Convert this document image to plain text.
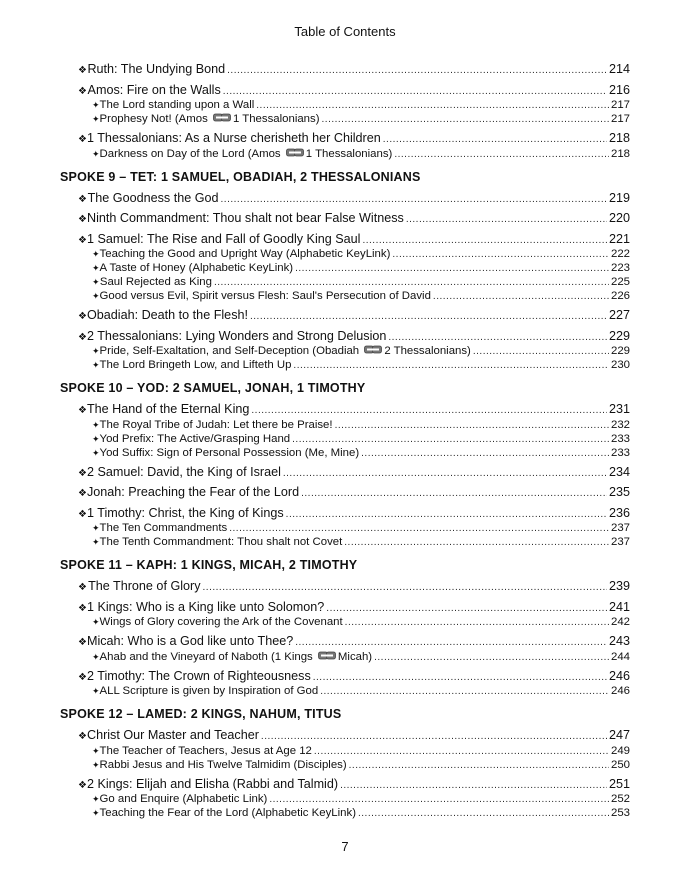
Table of Contents
❖ Ruth: The Undying Bond .....	214
❖ Amos: Fire on the Walls .....	216
✦ The Lord standing upon a Wall .....	217
✦ Prophesy Not! (Amos 1 Thessalonians) .....	217
❖ 1 Thessalonians: As a Nurse cherisheth her Children .....	218
✦ Darkness on Day of the Lord (Amos 1 Thessalonians) .....	218
SPOKE 9 – TET: 1 SAMUEL, OBADIAH, 2 THESSALONIANS
❖ The Goodness the God .....	219
❖ Ninth Commandment: Thou shalt not bear False Witness .....	220
❖ 1 Samuel: The Rise and Fall of Goodly King Saul .....	221
✦ Teaching the Good and Upright Way (Alphabetic KeyLink) .....	222
✦ A Taste of Honey (Alphabetic KeyLink) .....	223
✦ Saul Rejected as King .....	225
✦ Good versus Evil, Spirit versus Flesh: Saul's Persecution of David .....	226
❖ Obadiah: Death to the Flesh! .....	227
❖ 2 Thessalonians: Lying Wonders and Strong Delusion .....	229
✦ Pride, Self-Exaltation, and Self-Deception (Obadiah 2 Thessalonians) .....	229
✦ The Lord Bringeth Low, and Lifteth Up .....	230
SPOKE 10 – YOD: 2 SAMUEL, JONAH, 1 TIMOTHY
❖ The Hand of the Eternal King .....	231
✦ The Royal Tribe of Judah: Let there be Praise! .....	232
✦ Yod Prefix: The Active/Grasping Hand .....	233
✦ Yod Suffix: Sign of Personal Possession (Me, Mine) .....	233
❖ 2 Samuel: David, the King of Israel .....	234
❖ Jonah: Preaching the Fear of the Lord .....	235
❖ 1 Timothy: Christ, the King of Kings .....	236
✦ The Ten Commandments .....	237
✦ The Tenth Commandment: Thou shalt not Covet .....	237
SPOKE 11 – KAPH: 1 KINGS, MICAH, 2 TIMOTHY
❖ The Throne of Glory .....	239
❖ 1 Kings: Who is a King like unto Solomon? .....	241
✦ Wings of Glory covering the Ark of the Covenant .....	242
❖ Micah: Who is a God like unto Thee? .....	243
✦ Ahab and the Vineyard of Naboth (1 Kings Micah) .....	244
❖ 2 Timothy: The Crown of Righteousness .....	246
✦ ALL Scripture is given by Inspiration of God .....	246
SPOKE 12 – LAMED: 2 KINGS, NAHUM, TITUS
❖ Christ Our Master and Teacher .....	247
✦ The Teacher of Teachers, Jesus at Age 12 .....	249
✦ Rabbi Jesus and His Twelve Talmidim (Disciples) .....	250
❖ 2 Kings: Elijah and Elisha (Rabbi and Talmid) .....	251
✦ Go and Enquire (Alphabetic Link) .....	252
✦ Teaching the Fear of the Lord (Alphabetic KeyLink) .....	253
7
